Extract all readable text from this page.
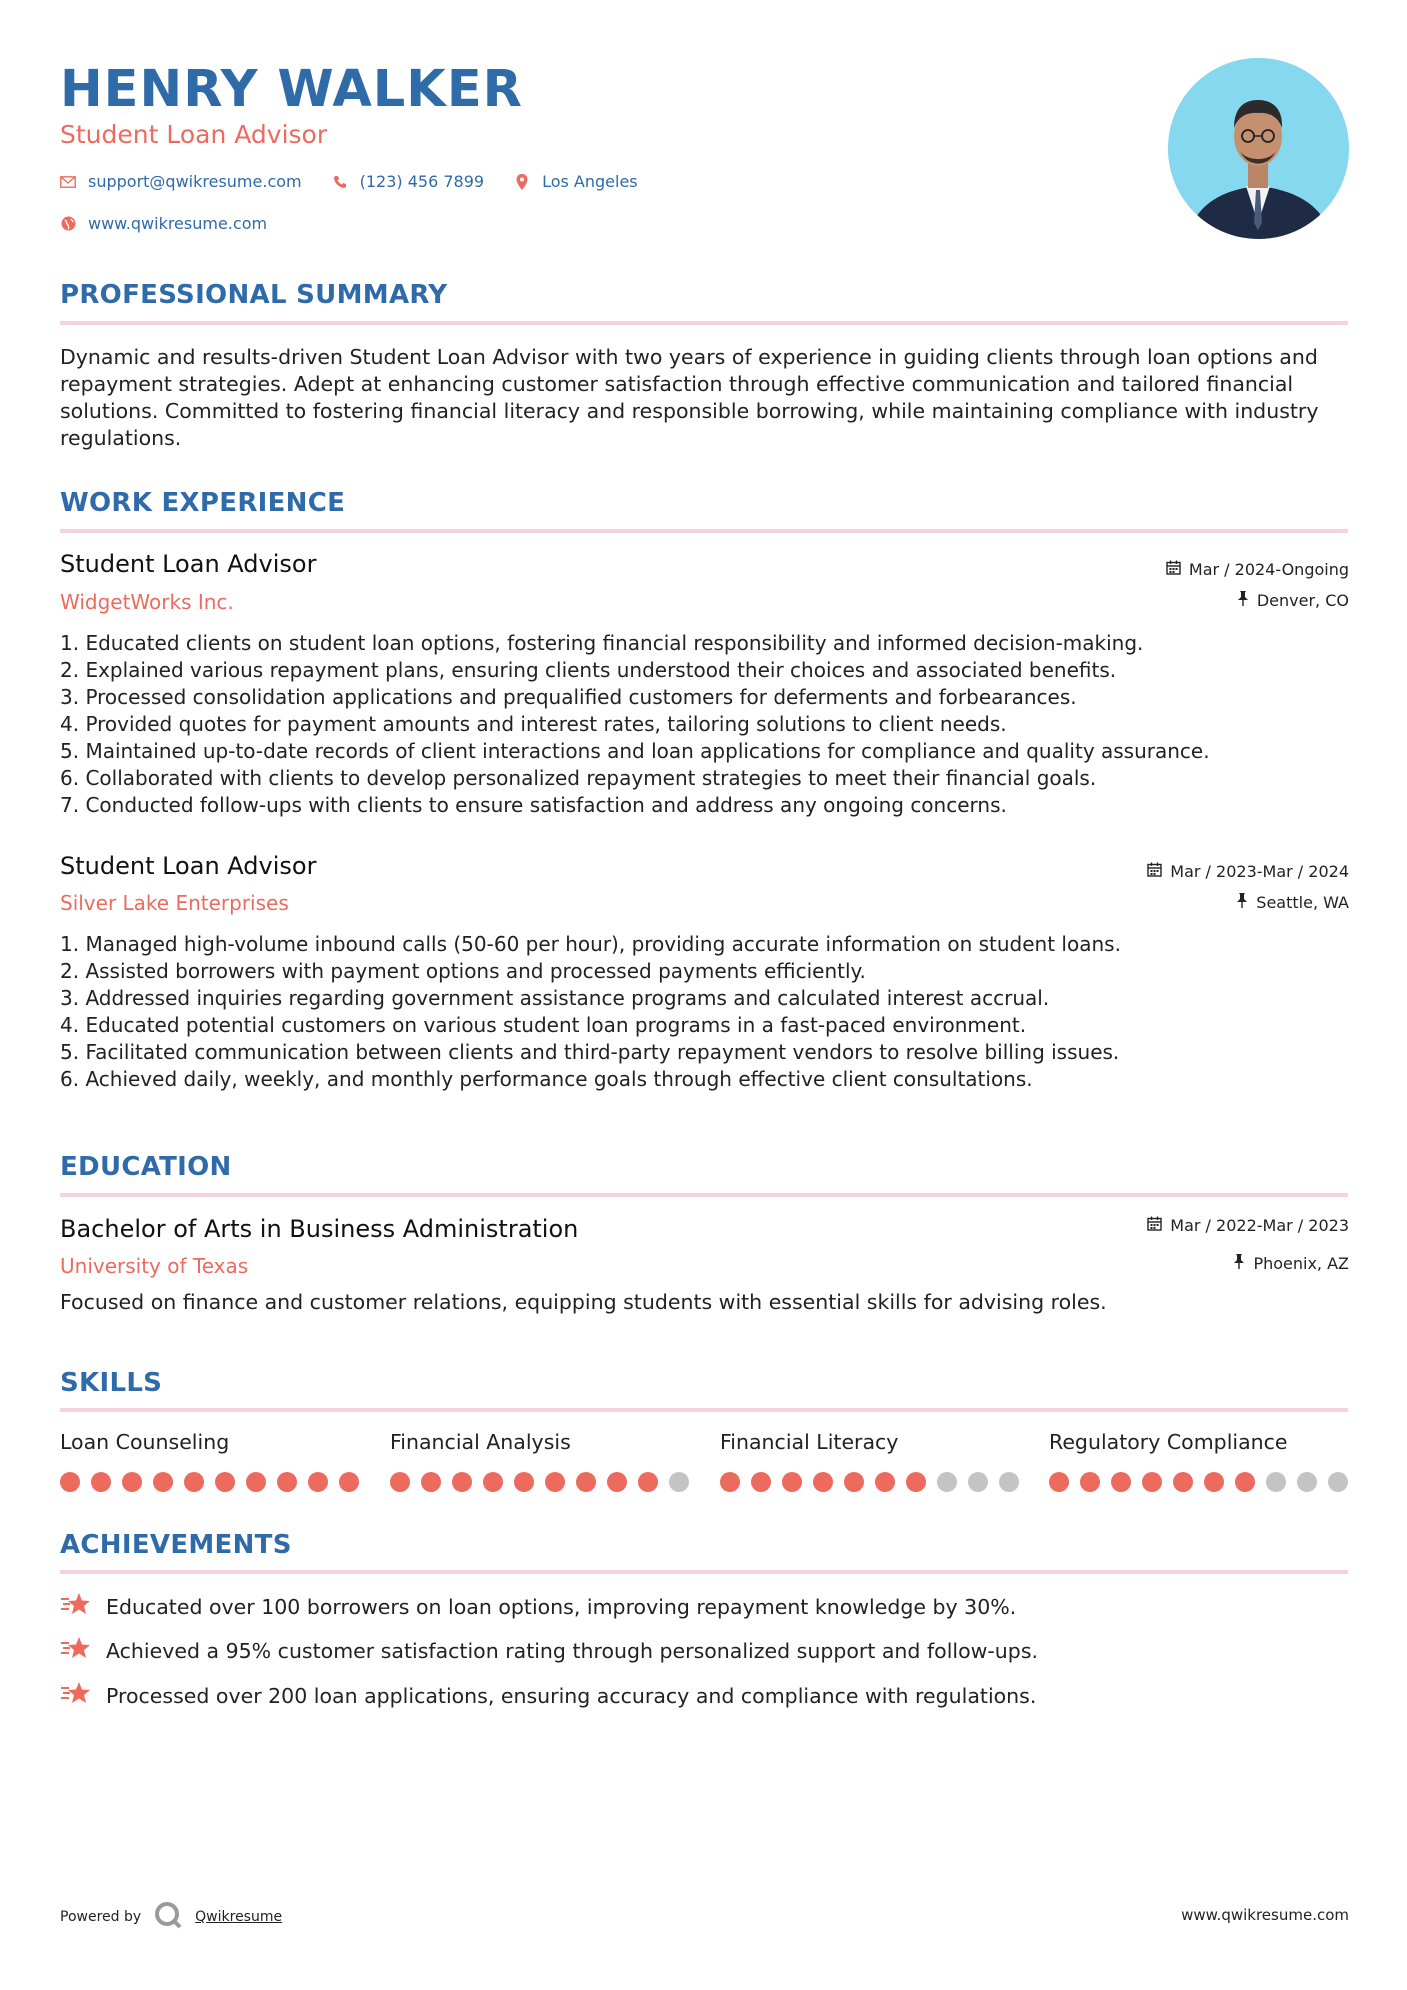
HENRY WALKER
Student Loan Advisor
support@qwikresume.com	(123) 456 7899	Los Angeles
www.qwikresume.com
PROFESSIONAL SUMMARY

Dynamic and results-driven Student Loan Advisor with two years of experience in guiding clients through loan options and repayment strategies. Adept at enhancing customer satisfaction through effective communication and tailored financial solutions. Committed to fostering financial literacy and responsible borrowing, while maintaining compliance with industry regulations.

WORK EXPERIENCE
Student Loan Advisor
WidgetWorks Inc.
Mar / 2024-Ongoing
Denver, CO
1. Educated clients on student loan options, fostering financial responsibility and informed decision-making.
2. Explained various repayment plans, ensuring clients understood their choices and associated benefits.
3. Processed consolidation applications and prequalified customers for deferments and forbearances.
4. Provided quotes for payment amounts and interest rates, tailoring solutions to client needs.
5. Maintained up-to-date records of client interactions and loan applications for compliance and quality assurance.
6. Collaborated with clients to develop personalized repayment strategies to meet their financial goals.
7. Conducted follow-ups with clients to ensure satisfaction and address any ongoing concerns.
Student Loan Advisor
Silver Lake Enterprises
Mar / 2023-Mar / 2024
Seattle, WA
1. Managed high-volume inbound calls (50-60 per hour), providing accurate information on student loans.
2. Assisted borrowers with payment options and processed payments efficiently.
3. Addressed inquiries regarding government assistance programs and calculated interest accrual.
4. Educated potential customers on various student loan programs in a fast-paced environment.
5. Facilitated communication between clients and third-party repayment vendors to resolve billing issues.
6. Achieved daily, weekly, and monthly performance goals through effective client consultations.
EDUCATION
Bachelor of Arts in Business Administration
University of Texas
Mar / 2022-Mar / 2023
Phoenix, AZ
Focused on finance and customer relations, equipping students with essential skills for advising roles.
SKILLS
Loan Counseling	Financial Analysis	Financial Literacy	Regulatory Compliance
ACHIEVEMENTS
Educated over 100 borrowers on loan options, improving repayment knowledge by 30%.
Achieved a 95% customer satisfaction rating through personalized support and follow-ups.
Processed over 200 loan applications, ensuring accuracy and compliance with regulations.
Powered by	Qwikresume	www.qwikresume.com
